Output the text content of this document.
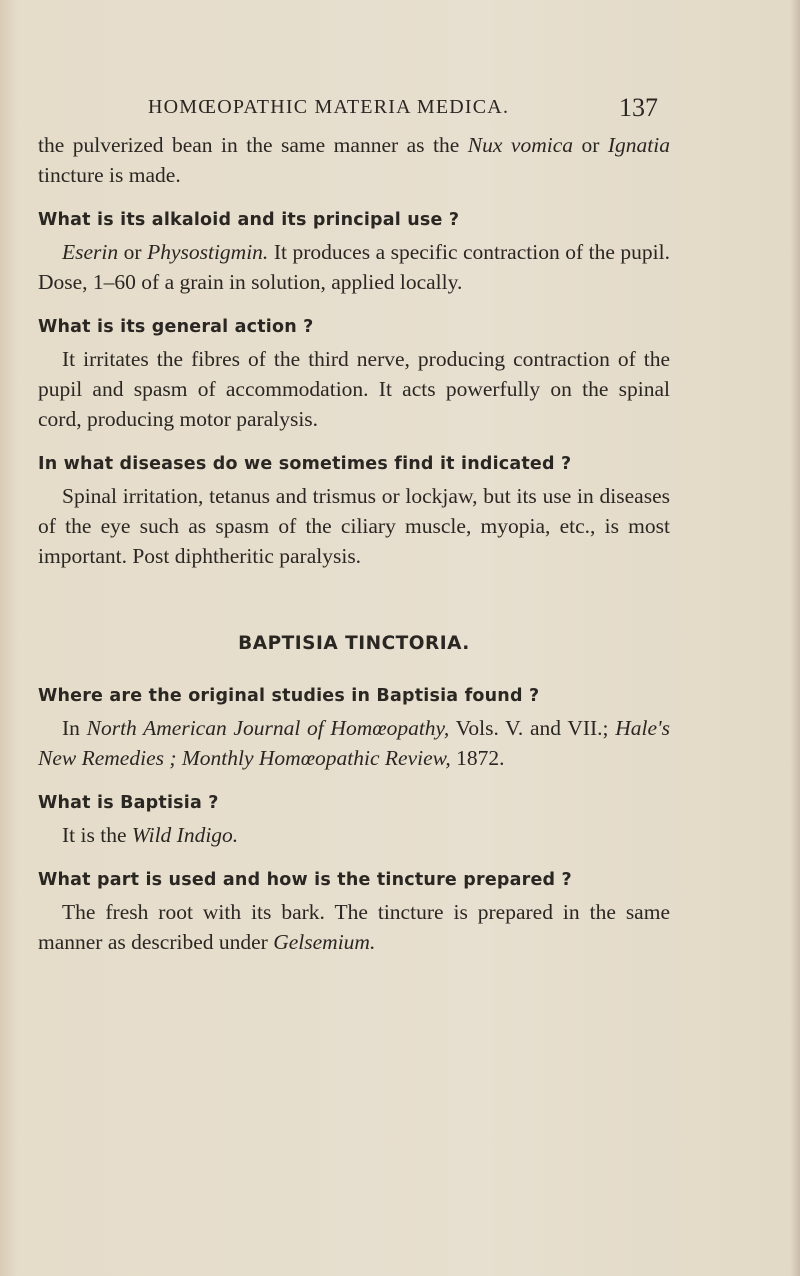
HOMŒOPATHIC MATERIA MEDICA.	137

the pulverized bean in the same manner as the Nux vomica or Ignatia tincture is made.

What is its alkaloid and its principal use ?

Eserin or Physostigmin. It produces a specific contraction of the pupil. Dose, 1–60 of a grain in solution, applied locally.

What is its general action ?

It irritates the fibres of the third nerve, producing contraction of the pupil and spasm of accommodation. It acts powerfully on the spinal cord, producing motor paralysis.

In what diseases do we sometimes find it indicated ?

Spinal irritation, tetanus and trismus or lockjaw, but its use in diseases of the eye such as spasm of the ciliary muscle, myopia, etc., is most important. Post diphtheritic paralysis.

BAPTISIA TINCTORIA.

Where are the original studies in Baptisia found ?

In North American Journal of Homœopathy, Vols. V. and VII.; Hale's New Remedies ; Monthly Homœopathic Review, 1872.

What is Baptisia ?

It is the Wild Indigo.

What part is used and how is the tincture prepared ?

The fresh root with its bark. The tincture is prepared in the same manner as described under Gelsemium.
